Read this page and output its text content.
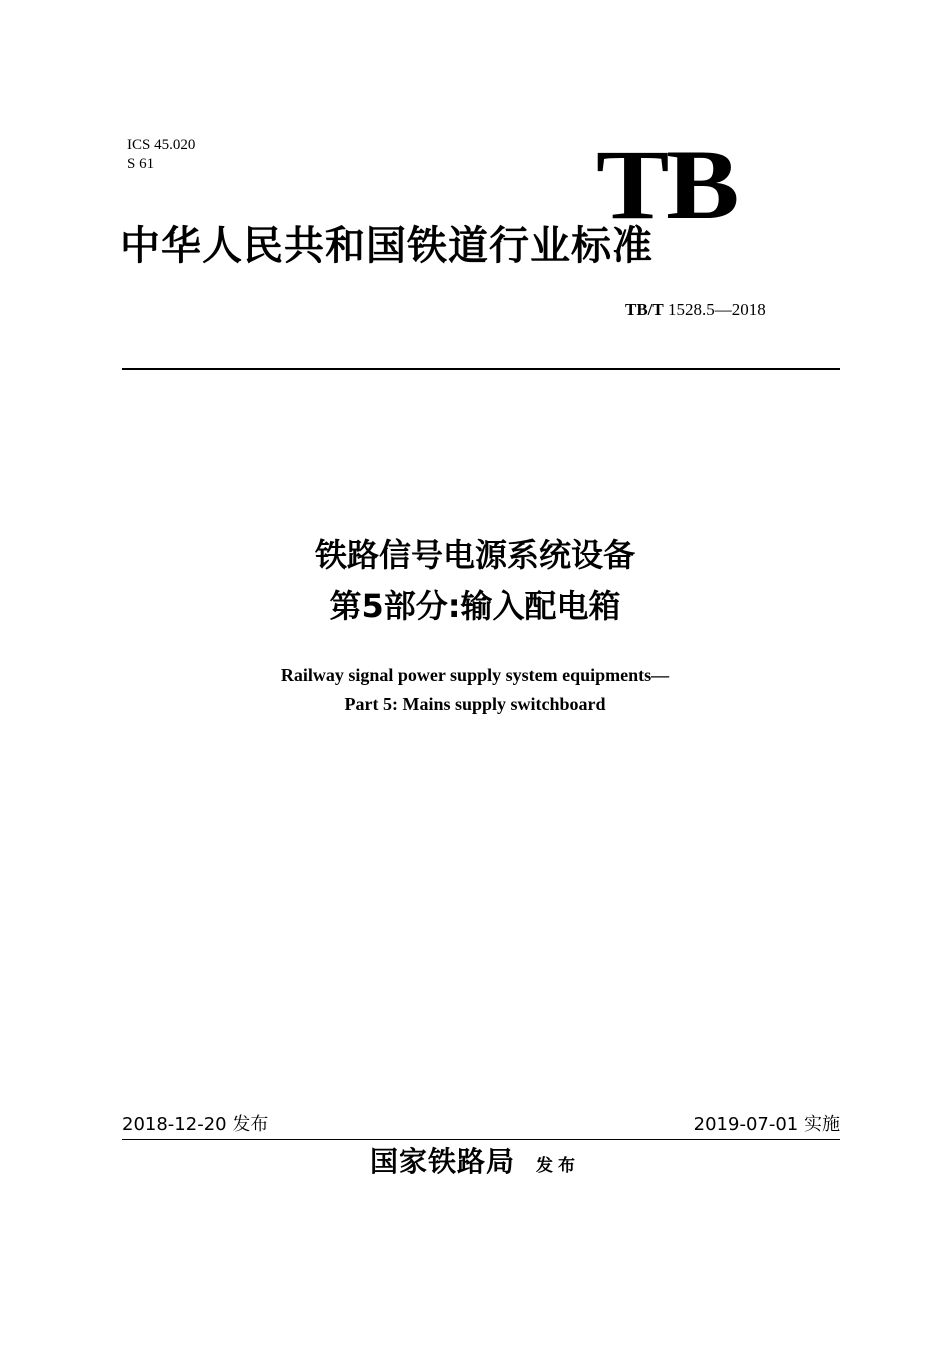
ICS 45.020
S 61	TB
中华人民共和国铁道行业标准
TB/T 1528.5—2018
铁路信号电源系统设备
第5部分:输入配电箱
Railway signal power supply system equipments—
Part 5: Mains supply switchboard
2018-12-20 发布	2019-07-01 实施
国家铁路局 发布
